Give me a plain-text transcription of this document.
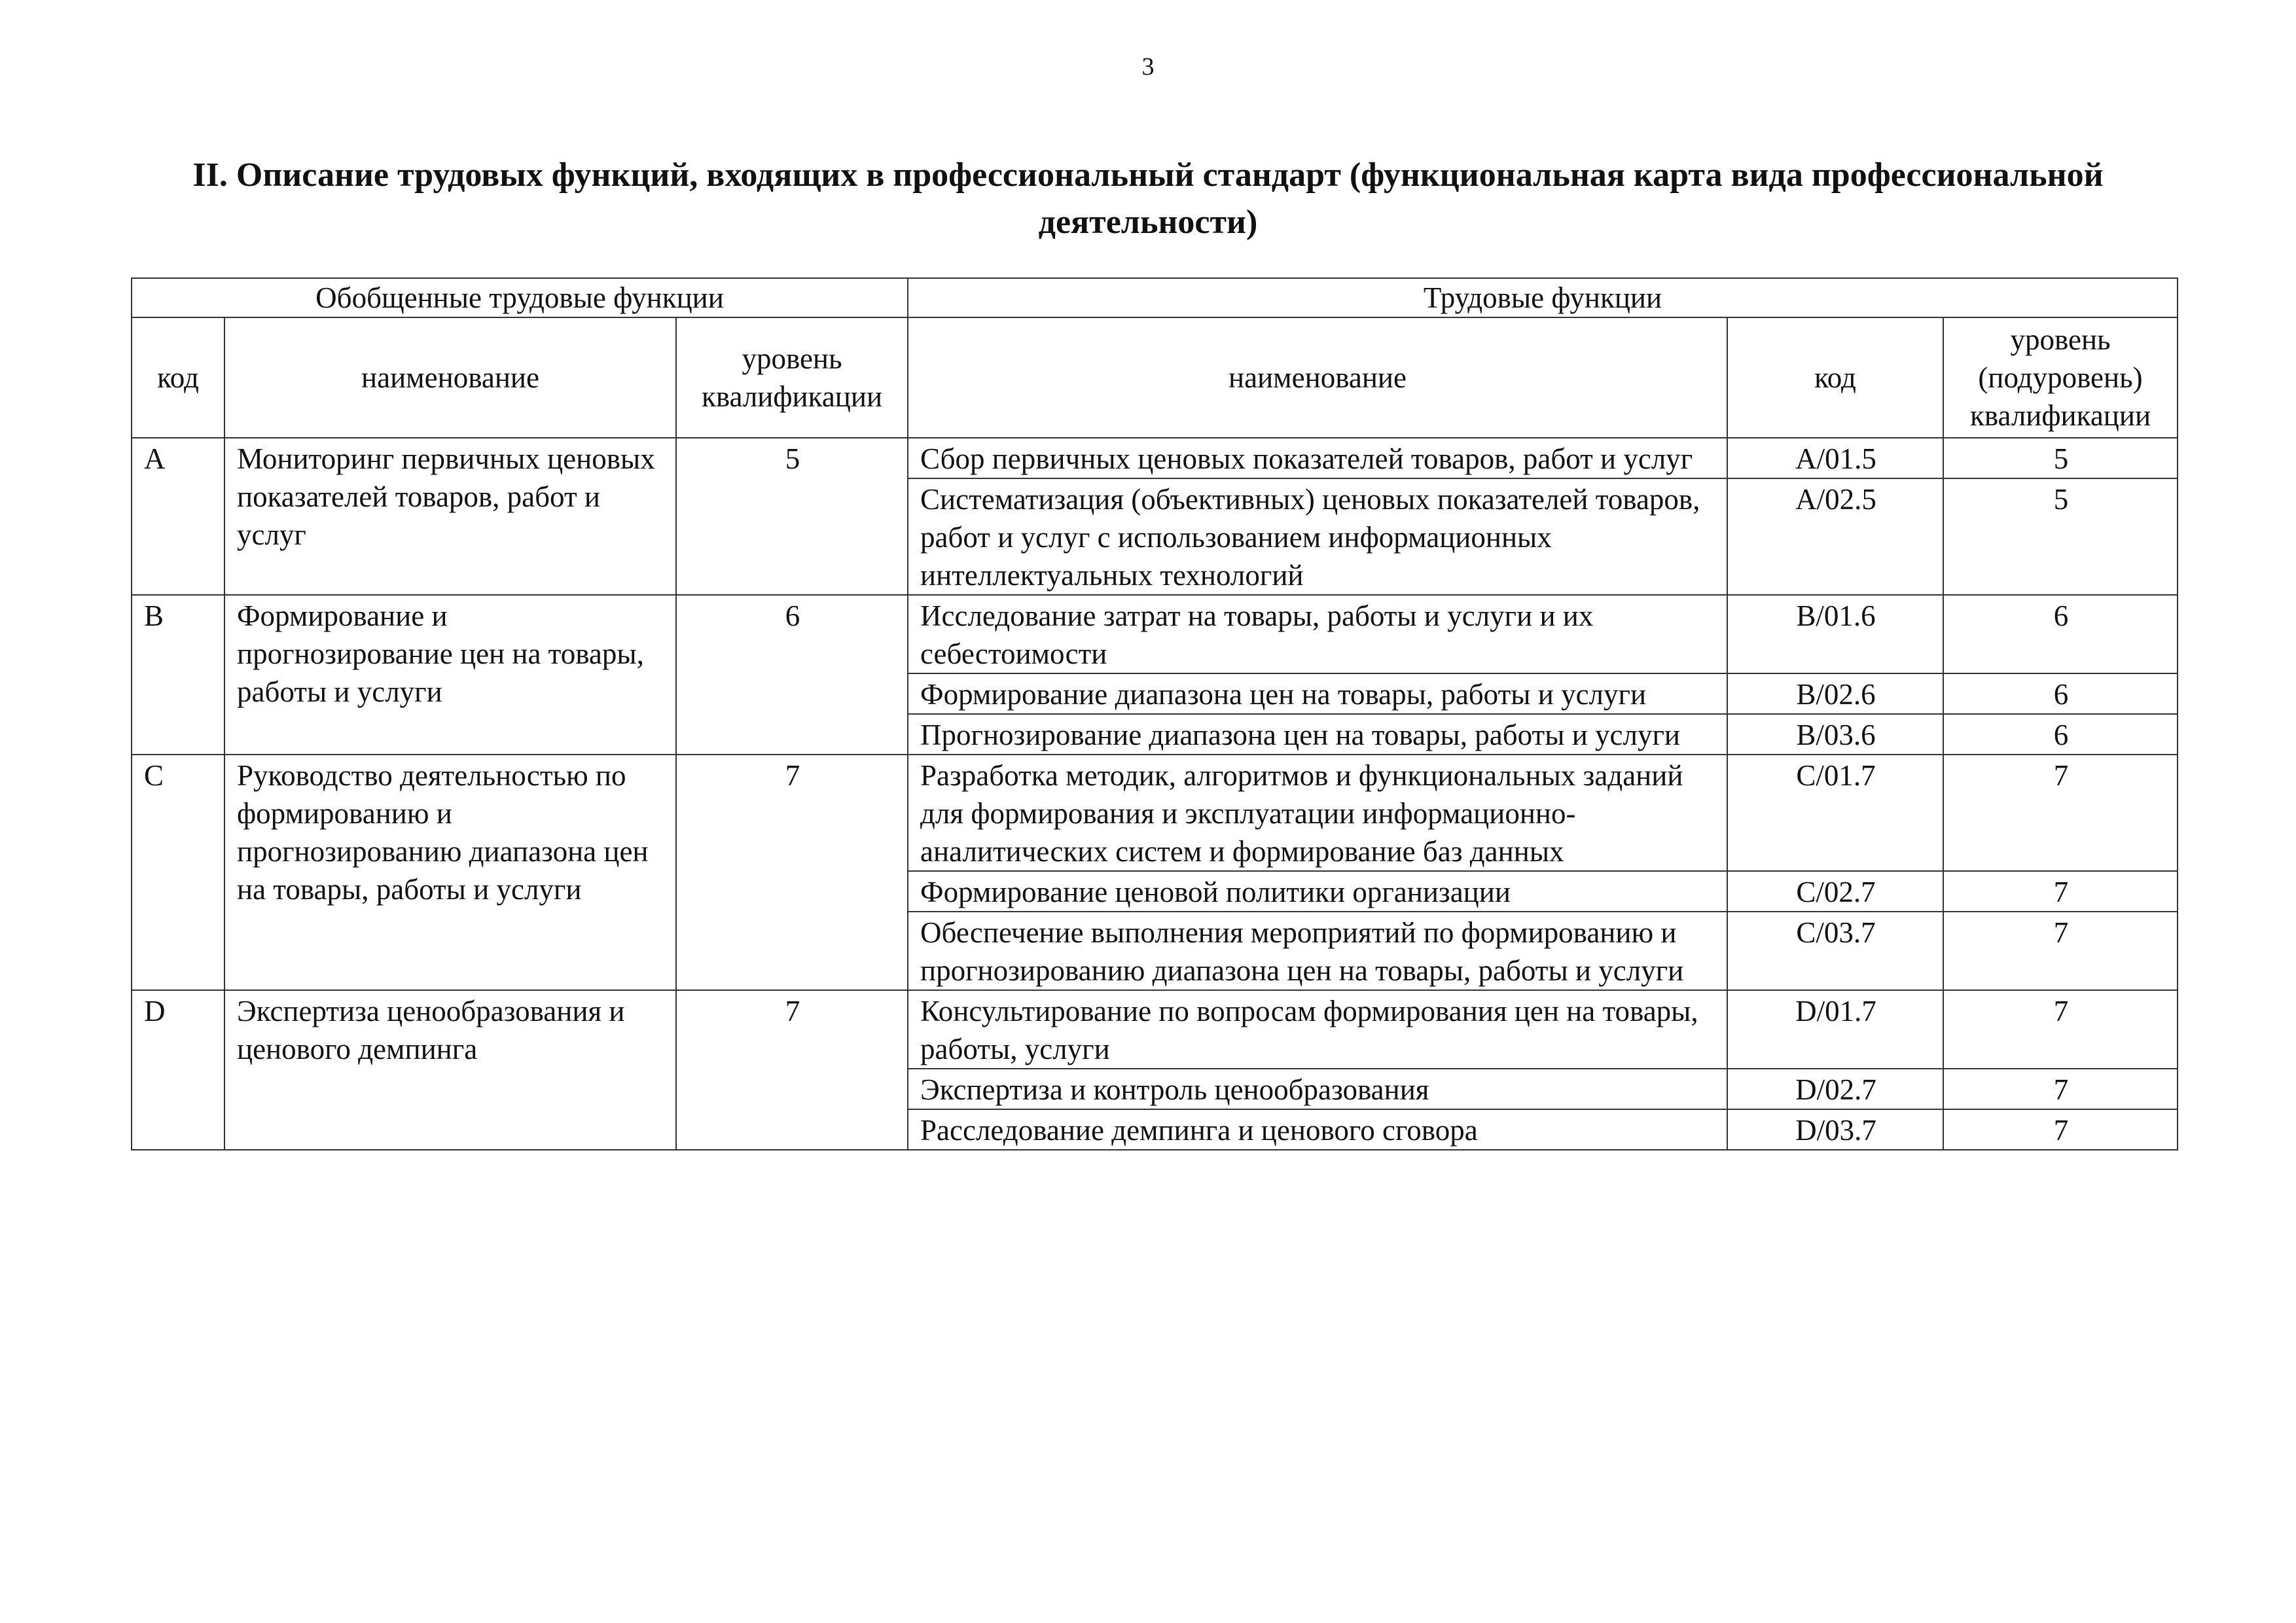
3
II. Описание трудовых функций, входящих в профессиональный стандарт (функциональная карта вида профессиональной деятельности)
Обобщенные трудовые функции			Трудовые функции		
код	наименование	уровень квалификации	наименование	код	уровень (подуровень) квалификации
A	Мониторинг первичных ценовых показателей товаров, работ и услуг	5	Сбор первичных ценовых показателей товаров, работ и услуг	A/01.5	5
			Систематизация (объективных) ценовых показателей товаров, работ и услуг с использованием информационных интеллектуальных технологий	A/02.5	5
B	Формирование и прогнозирование цен на товары, работы и услуги	6	Исследование затрат на товары, работы и услуги и их себестоимости	B/01.6	6
			Формирование диапазона цен на товары, работы и услуги	B/02.6	6
			Прогнозирование диапазона цен на товары, работы и услуги	B/03.6	6
C	Руководство деятельностью по формированию и прогнозированию диапазона цен на товары, работы и услуги	7	Разработка методик, алгоритмов и функциональных заданий для формирования и эксплуатации информационно-аналитических систем и формирование баз данных	C/01.7	7
			Формирование ценовой политики организации	C/02.7	7
			Обеспечение выполнения мероприятий по формированию и прогнозированию диапазона цен на товары, работы и услуги	C/03.7	7
D	Экспертиза ценообразования и ценового демпинга	7	Консультирование по вопросам формирования цен на товары, работы, услуги	D/01.7	7
			Экспертиза и контроль ценообразования	D/02.7	7
			Расследование демпинга и ценового сговора	D/03.7	7
